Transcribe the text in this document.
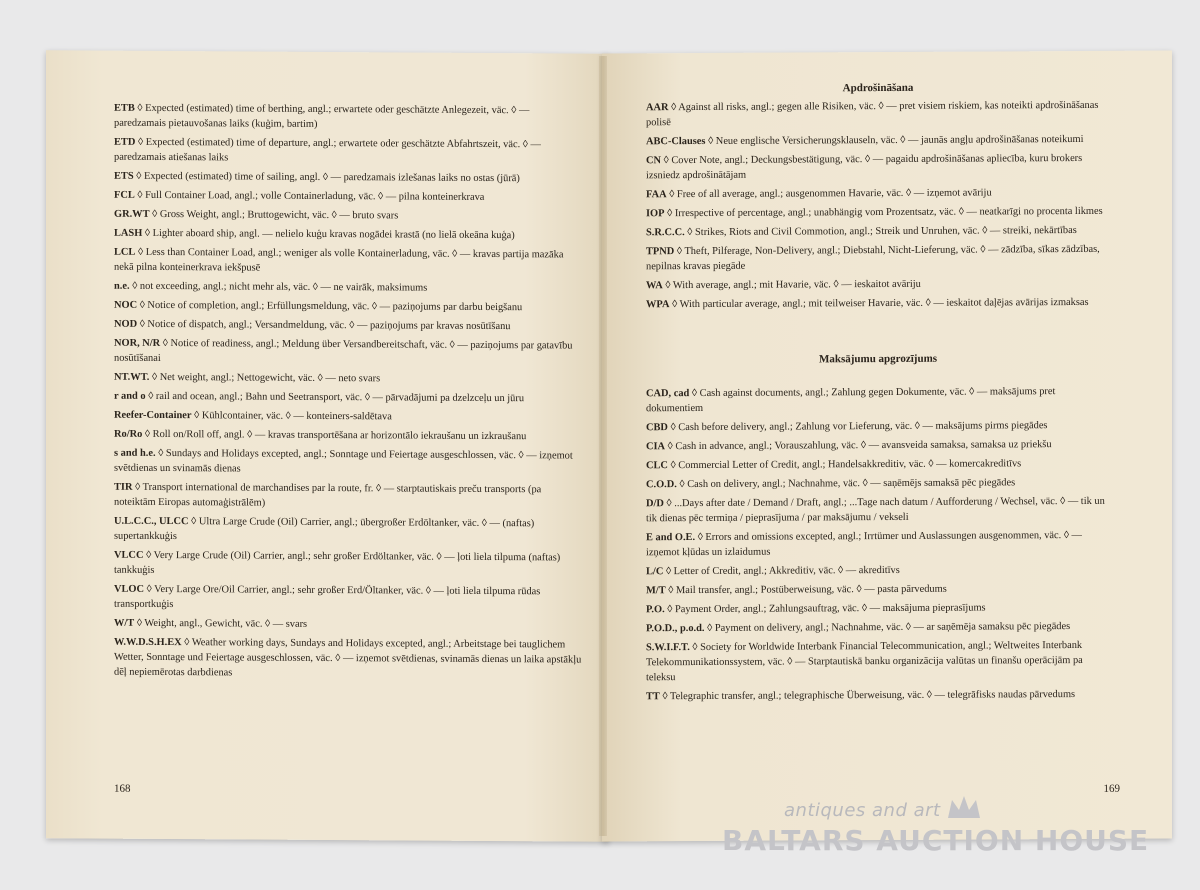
ETB ◊ Expected (estimated) time of berthing, angl.; erwartete oder geschätzte Anlegezeit, väc. ◊ — paredzamais pietauvošanas laiks (kuģim, bartim)
ETD ◊ Expected (estimated) time of departure, angl.; erwartete oder geschätzte Abfahrtszeit, väc. ◊ — paredzamais atiešanas laiks
ETS ◊ Expected (estimated) time of sailing, angl. ◊ — paredzamais izlešanas laiks no ostas (jūrā)
FCL ◊ Full Container Load, angl.; volle Containerladung, väc. ◊ — pilna konteinerkrava
GR.WT ◊ Gross Weight, angl.; Bruttogewicht, väc. ◊ — bruto svars
LASH ◊ Lighter aboard ship, angl. — nelielo kuģu kravas nogādei krastā (no lielā okeāna kuģa)
LCL ◊ Less than Container Load, angl.; weniger als volle Kontainerladung, väc. ◊ — kravas partija mazāka nekā pilna konteinerkrava iekšpusē
n.e. ◊ not exceeding, angl.; nicht mehr als, väc. ◊ — ne vairāk, maksimums
NOC ◊ Notice of completion, angl.; Erfüllungsmeldung, väc. ◊ — paziņojums par darbu beigšanu
NOD ◊ Notice of dispatch, angl.; Versandmeldung, väc. ◊ — paziņojums par kravas nosūtīšanu
NOR, N/R ◊ Notice of readiness, angl.; Meldung über Versandbereitschaft, väc. ◊ — paziņojums par gatavību nosūtīšanai
NT.WT. ◊ Net weight, angl.; Nettogewicht, väc. ◊ — neto svars
r and o ◊ rail and ocean, angl.; Bahn und Seetransport, väc. ◊ — pārvadājumi pa dzelzceļu un jūru
Reefer-Container ◊ Kühlcontainer, väc. ◊ — konteiners-saldētava
Ro/Ro ◊ Roll on/Roll off, angl. ◊ — kravas transportēšana ar horizontālo iekraušanu un izkraušanu
s and h.e. ◊ Sundays and Holidays excepted, angl.; Sonntage und Feiertage ausgeschlossen, väc. ◊ — izņemot svētdienas un svinamās dienas
TIR ◊ Transport international de marchandises par la route, fr. ◊ — starptautiskais preču transports (pa noteiktām Eiropas automaģistrālēm)
U.L.C.C., ULCC ◊ Ultra Large Crude (Oil) Carrier, angl.; übergroßer Erdöltanker, väc. ◊ — (naftas) supertankkuģis
VLCC ◊ Very Large Crude (Oil) Carrier, angl.; sehr großer Erdöltanker, väc. ◊ — ļoti liela tilpuma (naftas) tankkuģis
VLOC ◊ Very Large Ore/Oil Carrier, angl.; sehr großer Erd/Öltanker, väc. ◊ — ļoti liela tilpuma rūdas transportkuģis
W/T ◊ Weight, angl., Gewicht, väc. ◊ — svars
W.W.D.S.H.EX ◊ Weather working days, Sundays and Holidays excepted, angl.; Arbeitstage bei tauglichem Wetter, Sonntage und Feiertage ausgeschlossen, väc. ◊ — izņemot svētdienas, svinamās dienas un laika apstākļu dēļ nepiemērotas darbdienas
168
Apdrošināšana
AAR ◊ Against all risks, angl.; gegen alle Risiken, väc. ◊ — pret visiem riskiem, kas noteikti apdrošināšanas polisē
ABC-Clauses ◊ Neue englische Versicherungsklauseln, väc. ◊ — jaunās angļu apdrošināšanas noteikumi
CN ◊ Cover Note, angl.; Deckungsbestätigung, väc. ◊ — pagaidu apdrošināšanas apliecība, kuru brokers izsniedz apdrošinātājam
FAA ◊ Free of all average, angl.; ausgenommen Havarie, väc. ◊ — izņemot avāriju
IOP ◊ Irrespective of percentage, angl.; unabhängig vom Prozentsatz, väc. ◊ — neatkarīgi no procenta likmes
S.R.C.C. ◊ Strikes, Riots and Civil Commotion, angl.; Streik und Unruhen, väc. ◊ — streiki, nekārtības
TPND ◊ Theft, Pilferage, Non-Delivery, angl.; Diebstahl, Nicht-Lieferung, väc. ◊ — zādzība, sīkas zādzības, nepilnas kravas piegāde
WA ◊ With average, angl.; mit Havarie, väc. ◊ — ieskaitot avāriju
WPA ◊ With particular average, angl.; mit teilweiser Havarie, väc. ◊ — ieskaitot daļējas avārijas izmaksas
Maksājumu apgrozījums
CAD, cad ◊ Cash against documents, angl.; Zahlung gegen Dokumente, väc. ◊ — maksājums pret dokumentiem
CBD ◊ Cash before delivery, angl.; Zahlung vor Lieferung, väc. ◊ — maksājums pirms piegādes
CIA ◊ Cash in advance, angl.; Vorauszahlung, väc. ◊ — avansveida samaksa, samaksa uz priekšu
CLC ◊ Commercial Letter of Credit, angl.; Handelsakkreditiv, väc. ◊ — komercakreditīvs
C.O.D. ◊ Cash on delivery, angl.; Nachnahme, väc. ◊ — saņēmējs samaksā pēc piegādes
D/D ◊ ...Days after date / Demand / Draft, angl.; ...Tage nach datum / Aufforderung / Wechsel, väc. ◊ — tik un tik dienas pēc termiņa / pieprasījuma / par maksājumu / vekseli
E and O.E. ◊ Errors and omissions excepted, angl.; Irrtümer und Auslassungen ausgenommen, väc. ◊ — izņemot kļūdas un izlaidumus
L/C ◊ Letter of Credit, angl.; Akkreditiv, väc. ◊ — akreditīvs
M/T ◊ Mail transfer, angl.; Postüberweisung, väc. ◊ — pasta pārvedums
P.O. ◊ Payment Order, angl.; Zahlungsauftrag, väc. ◊ — maksājuma pieprasījums
P.O.D., p.o.d. ◊ Payment on delivery, angl.; Nachnahme, väc. ◊ — ar saņēmēja samaksu pēc piegādes
S.W.I.F.T. ◊ Society for Worldwide Interbank Financial Telecommunication, angl.; Weltweites Interbank Telekommunikationssystem, väc. ◊ — Starptautiskā banku organizācija valūtas un finanšu operācijām pa teleksu
TT ◊ Telegraphic transfer, angl.; telegraphische Überweisung, väc. ◊ — telegrāfisks naudas pārvedums
169
antiques and art
BALTARS AUCTION HOUSE
